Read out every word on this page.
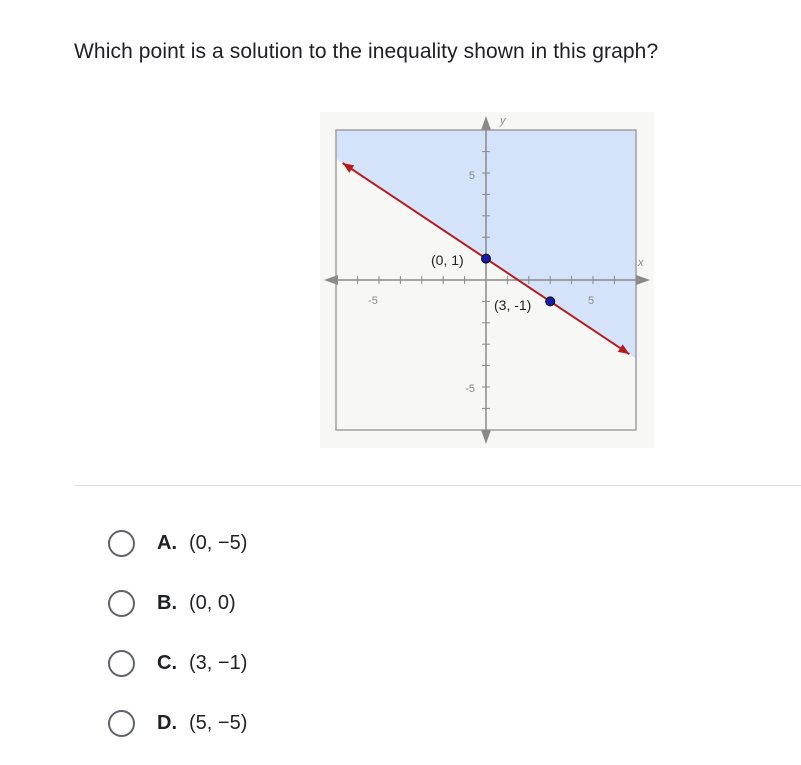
Which point is a solution to the inequality shown in this graph?
x
y
-5	5
5
-5
(0, 1)
(3, -1)
A. (0, −5)
B. (0, 0)
C. (3, −1)
D. (5, −5)
